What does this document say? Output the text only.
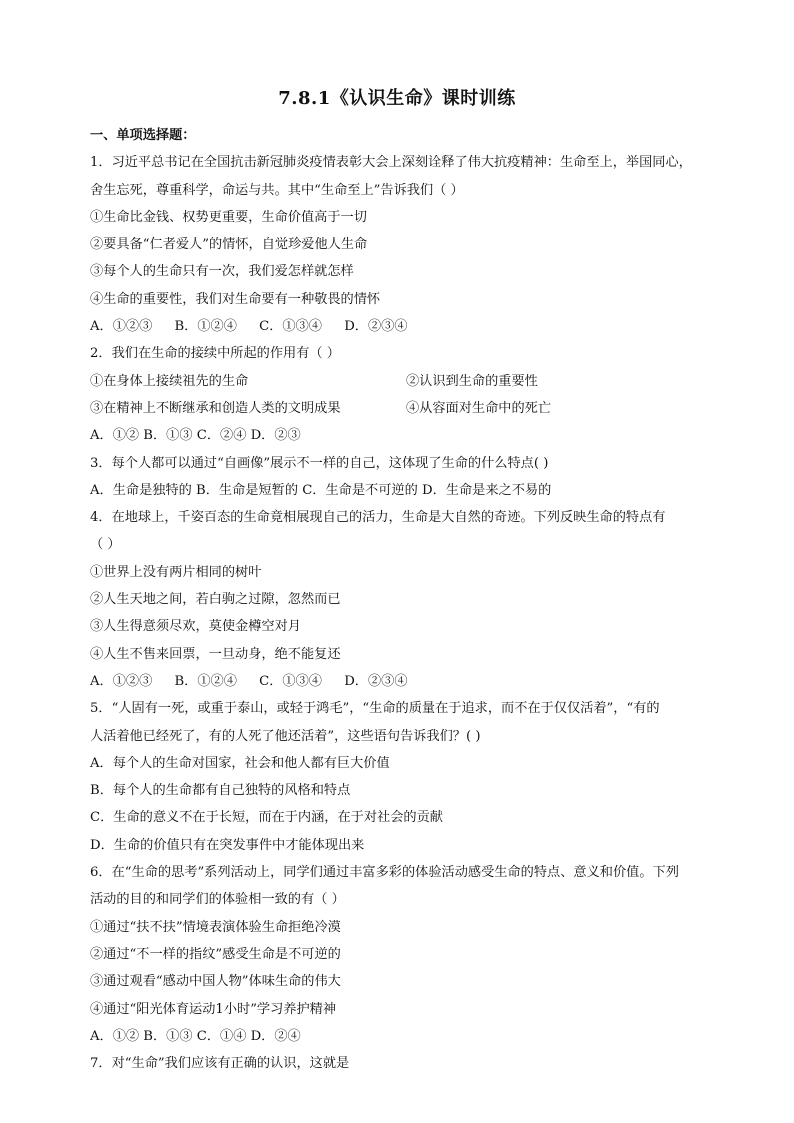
7.8.1《认识生命》课时训练
一、单项选择题：
1．习近平总书记在全国抗击新冠肺炎疫情表彰大会上深刻诠释了伟大抗疫精神：生命至上，举国同心，
舍生忘死，尊重科学，命运与共。其中“生命至上”告诉我们（ ）
①生命比金钱、权势更重要，生命价值高于一切
②要具备“仁者爱人”的情怀，自觉珍爱他人生命
③每个人的生命只有一次，我们爱怎样就怎样
④生命的重要性，我们对生命要有一种敬畏的情怀
A．①②③ B．①②④ C．①③④ D．②③④
2．我们在生命的接续中所起的作用有（ ）
①在身体上接续祖先的生命	②认识到生命的重要性
③在精神上不断继承和创造人类的文明成果	④从容面对生命中的死亡
A．①② B．①③ C．②④ D．②③
3．每个人都可以通过“自画像”展示不一样的自己，这体现了生命的什么特点( )
A．生命是独特的 B．生命是短暂的 C．生命是不可逆的 D．生命是来之不易的
4．在地球上，千姿百态的生命竟相展现自己的活力，生命是大自然的奇迹。下列反映生命的特点有
（ ）
①世界上没有两片相同的树叶
②人生天地之间，若白驹之过隙，忽然而已
③人生得意须尽欢，莫使金樽空对月
④人生不售来回票，一旦动身，绝不能复还
A．①②③ B．①②④ C．①③④ D．②③④
5．“人固有一死，或重于泰山，或轻于鸿毛”，“生命的质量在于追求，而不在于仅仅活着”，“有的
人活着他已经死了，有的人死了他还活着”，这些语句告诉我们？( )
A．每个人的生命对国家，社会和他人都有巨大价值
B．每个人的生命都有自己独特的风格和特点
C．生命的意义不在于长短，而在于内涵，在于对社会的贡献
D．生命的价值只有在突发事件中才能体现出来
6．在“生命的思考”系列活动上，同学们通过丰富多彩的体验活动感受生命的特点、意义和价值。下列
活动的目的和同学们的体验相一致的有（ ）
①通过“扶不扶”情境表演体验生命拒绝冷漠
②通过“不一样的指纹”感受生命是不可逆的
③通过观看“感动中国人物”体味生命的伟大
④通过“阳光体育运动1小时”学习养护精神
A．①② B．①③ C．①④ D．②④
7．对“生命”我们应该有正确的认识，这就是
